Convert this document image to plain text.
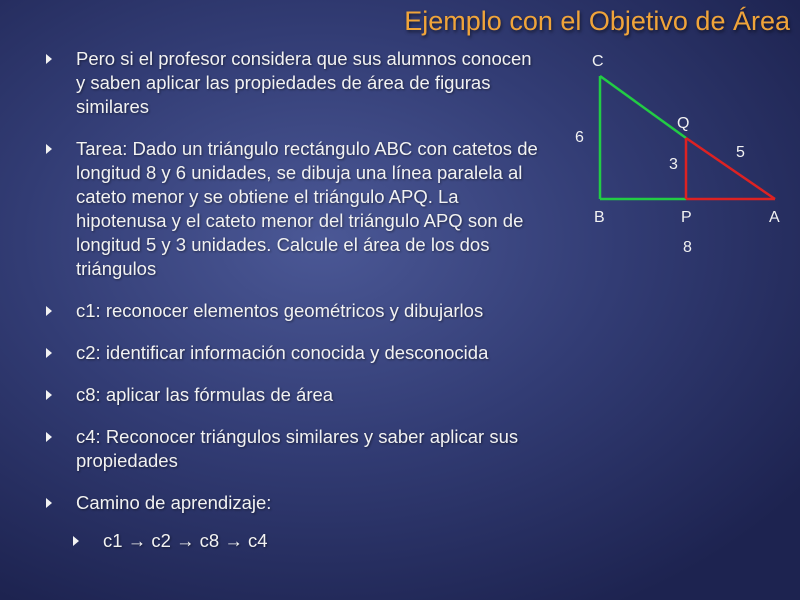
Ejemplo con el Objetivo de Área
Pero si el profesor considera que sus alumnos conocen y saben aplicar las propiedades de área de figuras similares
Tarea: Dado un triángulo rectángulo ABC con catetos de longitud 8 y 6 unidades, se dibuja una línea paralela al cateto menor y se obtiene el triángulo APQ. La hipotenusa y el cateto menor del triángulo APQ son de longitud 5 y 3 unidades. Calcule el área de los dos triángulos
c1: reconocer elementos geométricos y dibujarlos
c2: identificar información conocida y desconocida
c8: aplicar las fórmulas de área
c4: Reconocer triángulos similares y saber aplicar sus propiedades
Camino de aprendizaje:
c1 → c2 → c8 → c4
C
Q
B	P	A
6
3
5
8
